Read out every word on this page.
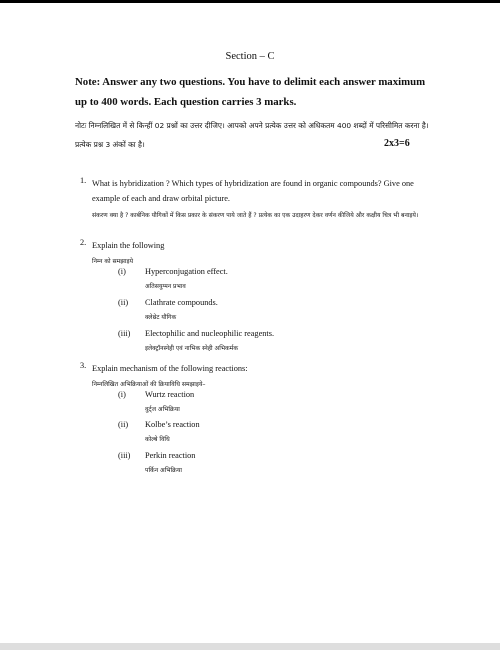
Section – C
Note: Answer any two questions. You have to delimit each answer maximum up to 400 words. Each question carries 3 marks.
नोटः निम्नलिखित में से किन्हीं 02 प्रश्नों का उत्तर दीजिए। आपको अपने प्रत्येक उत्तर को अधिकतम 400 शब्दों में परिसीमित करना है। प्रत्येक प्रश्न 3 अंकों का है।	2x3=6
1. What is hybridization ? Which types of hybridization are found in organic compounds? Give one example of each and draw orbital picture.
संकरण क्या है ? कार्बनिक यौगिकों में किस प्रकार के संकरण पाये जाते हैं ? प्रत्येक का एक उदाहरण देकर वर्णन कीजिये और कक्षीय चित्र भी बनाइये।
2. Explain the following
निम्न को समझाइये
(i) Hyperconjugation effect.
अतिसयुग्मन प्रभाव
(ii) Clathrate compounds.
क्लेथ्रेट यौगिक
(iii) Electophilic and nucleophilic reagents.
इलेक्ट्रॉनस्नेही एवं नाभिक स्नेही अभिकर्मक
3. Explain mechanism of the following reactions:
निम्नलिखित अभिक्रियाओं की क्रियाविधि समझाइये–
(i) Wurtz reaction
वुर्ट्ज अभिक्रिया
(ii) Kolbe’s reaction
कोल्बे विधि
(iii) Perkin reaction
पर्किन अभिक्रिया
